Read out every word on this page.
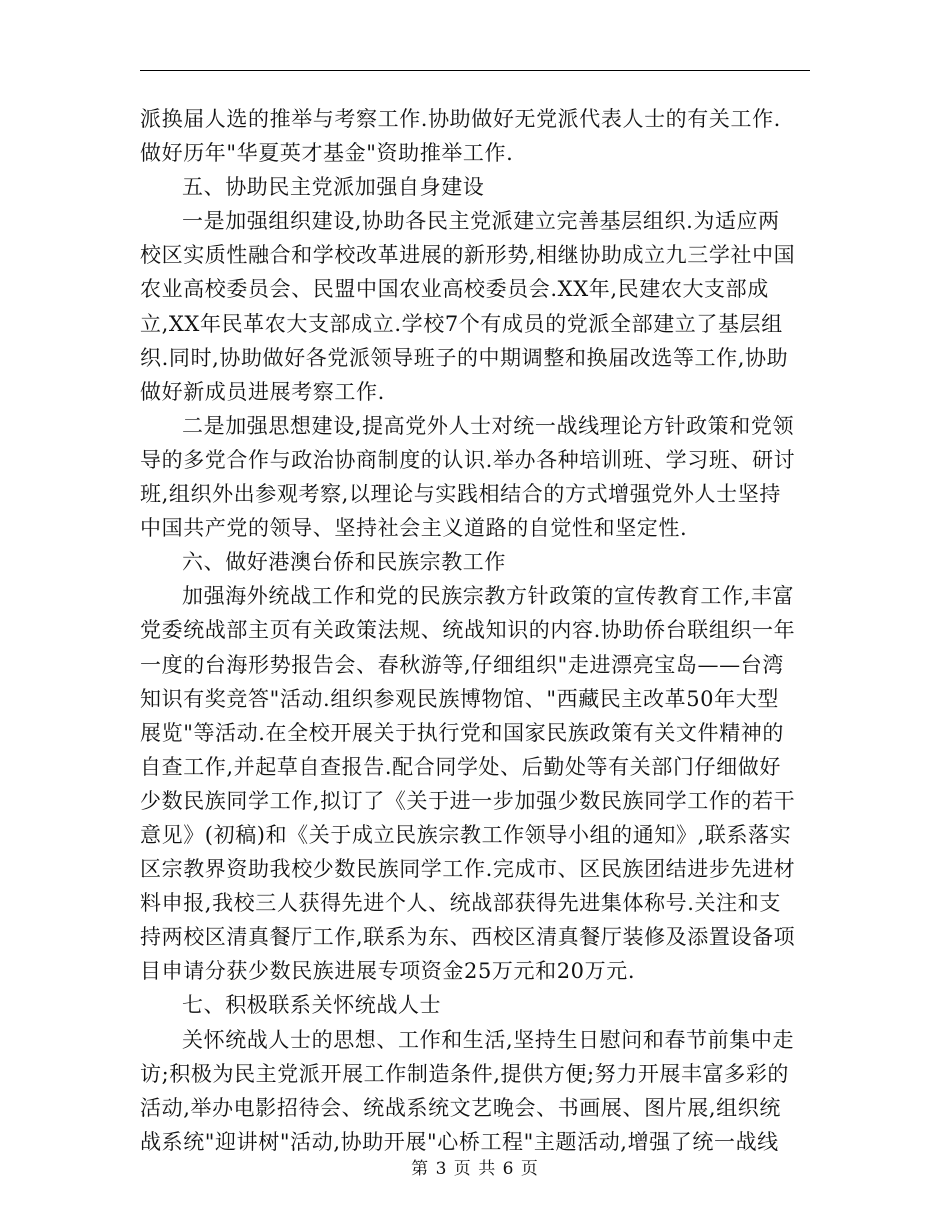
派换届人选的推举与考察工作.协助做好无党派代表人士的有关工作.
做好历年"华夏英才基金"资助推举工作.
五、协助民主党派加强自身建设
一是加强组织建设,协助各民主党派建立完善基层组织.为适应两
校区实质性融合和学校改革进展的新形势,相继协助成立九三学社中国
农业高校委员会、民盟中国农业高校委员会.XX年,民建农大支部成
立,XX年民革农大支部成立.学校7个有成员的党派全部建立了基层组
织.同时,协助做好各党派领导班子的中期调整和换届改选等工作,协助
做好新成员进展考察工作.
二是加强思想建设,提高党外人士对统一战线理论方针政策和党领
导的多党合作与政治协商制度的认识.举办各种培训班、学习班、研讨
班,组织外出参观考察,以理论与实践相结合的方式增强党外人士坚持
中国共产党的领导、坚持社会主义道路的自觉性和坚定性.
六、做好港澳台侨和民族宗教工作
加强海外统战工作和党的民族宗教方针政策的宣传教育工作,丰富
党委统战部主页有关政策法规、统战知识的内容.协助侨台联组织一年
一度的台海形势报告会、春秋游等,仔细组织"走进漂亮宝岛——台湾
知识有奖竞答"活动.组织参观民族博物馆、"西藏民主改革50年大型
展览"等活动.在全校开展关于执行党和国家民族政策有关文件精神的
自查工作,并起草自查报告.配合同学处、后勤处等有关部门仔细做好
少数民族同学工作,拟订了《关于进一步加强少数民族同学工作的若干
意见》(初稿)和《关于成立民族宗教工作领导小组的通知》,联系落实
区宗教界资助我校少数民族同学工作.完成市、区民族团结进步先进材
料申报,我校三人获得先进个人、统战部获得先进集体称号.关注和支
持两校区清真餐厅工作,联系为东、西校区清真餐厅装修及添置设备项
目申请分获少数民族进展专项资金25万元和20万元.
七、积极联系关怀统战人士
关怀统战人士的思想、工作和生活,坚持生日慰问和春节前集中走
访;积极为民主党派开展工作制造条件,提供方便;努力开展丰富多彩的
活动,举办电影招待会、统战系统文艺晚会、书画展、图片展,组织统
战系统"迎讲树"活动,协助开展"心桥工程"主题活动,增强了统一战线
第 3 页 共 6 页
